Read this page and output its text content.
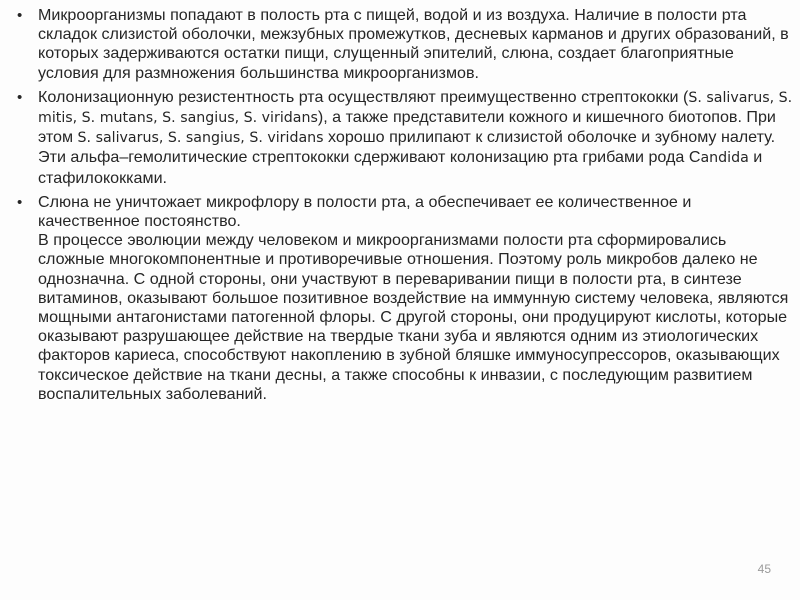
• Микроорганизмы попадают в полость рта с пищей, водой и из воздуха. Наличие в полости рта складок слизистой оболочки, межзубных промежутков, десневых карманов и других образований, в которых задерживаются остатки пищи, слущенный эпителий, слюна, создает благоприятные условия для размножения большинства микроорганизмов.
• Колонизационную резистентность рта осуществляют преимущественно стрептококки (S. salivarus, S. mitis, S. mutans, S. sangius, S. viridans), а также представители кожного и кишечного биотопов. При этом S. salivarus, S. sangius, S. viridans хорошо прилипают к слизистой оболочке и зубному налету. Эти альфа–гемолитические стрептококки сдерживают колонизацию рта грибами рода Сandida и стафилококками.
• Слюна не уничтожает микрофлору в полости рта, а обеспечивает ее количественное и качественное постоянство.
В процессе эволюции между человеком и микроорганизмами полости рта сформировались сложные многокомпонентные и противоречивые отношения. Поэтому роль микробов далеко не однозначна. С одной стороны, они участвуют в переваривании пищи в полости рта, в синтезе витаминов, оказывают большое позитивное воздействие на иммунную систему человека, являются мощными антагонистами патогенной флоры. С другой стороны, они продуцируют кислоты, которые оказывают разрушающее действие на твердые ткани зуба и являются одним из этиологических факторов кариеса, способствуют накоплению в зубной бляшке иммуносупрессоров, оказывающих токсическое действие на ткани десны, а также способны к инвазии, с последующим развитием воспалительных заболеваний.
45
